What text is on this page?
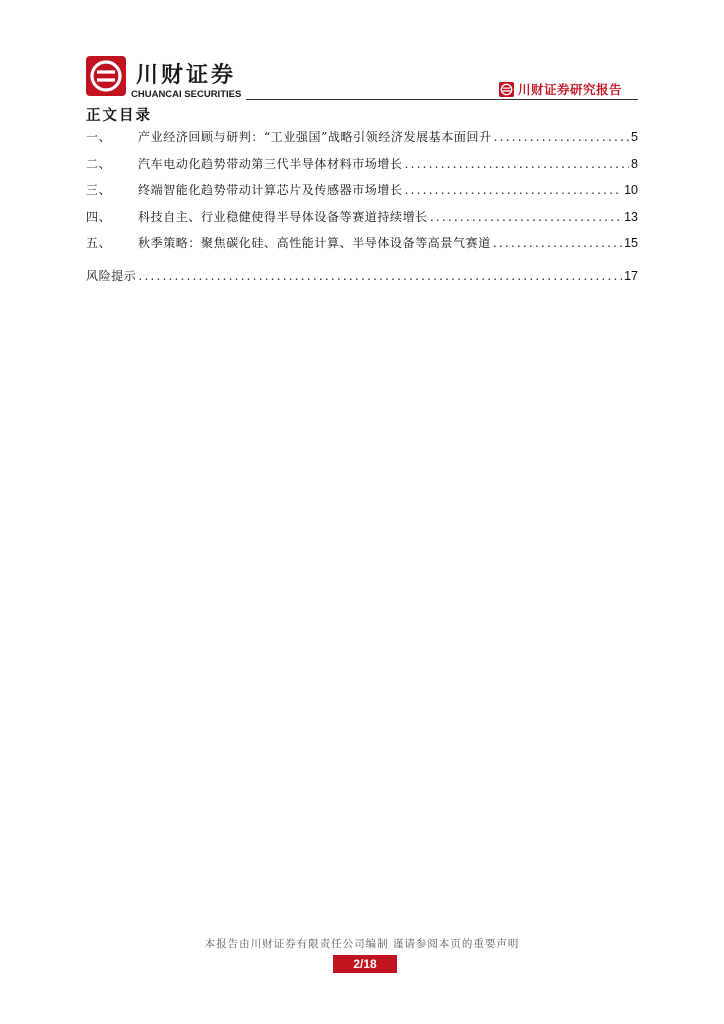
川财证券
CHUANCAI SECURITIES	川财证券研究报告
正文目录
一、	产业经济回顾与研判：“工业强国”战略引领经济发展基本面回升 .....	5
二、	汽车电动化趋势带动第三代半导体材料市场增长 .....	8
三、	终端智能化趋势带动计算芯片及传感器市场增长 .....	10
四、	科技自主、行业稳健使得半导体设备等赛道持续增长 .....	13
五、	秋季策略：聚焦碳化硅、高性能计算、半导体设备等高景气赛道 .....	15
风险提示 .....	17
本报告由川财证券有限责任公司编制 谨请参阅本页的重要声明
2/18
